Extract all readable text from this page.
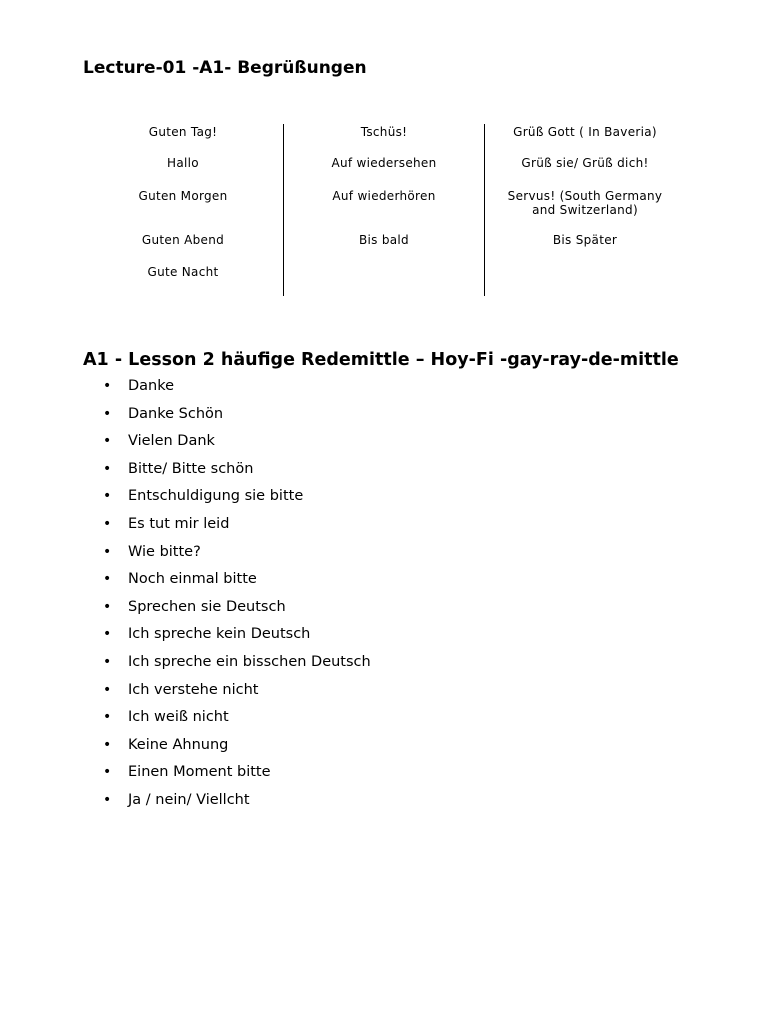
Lecture-01 -A1- Begrüßungen
Guten Tag!
Hallo
Guten Morgen
Guten Abend
Gute Nacht
Tschüs!
Auf wiedersehen
Auf wiederhören
Bis bald
Grüß Gott ( In Baveria)
Grüß sie/ Grüß dich!
Servus! (South Germany
and Switzerland)
Bis Später
A1 - Lesson 2 häufige Redemittle – Hoy-Fi -gay-ray-de-mittle
• Danke
• Danke Schön
• Vielen Dank
• Bitte/ Bitte schön
• Entschuldigung sie bitte
• Es tut mir leid
• Wie bitte?
• Noch einmal bitte
• Sprechen sie Deutsch
• Ich spreche kein Deutsch
• Ich spreche ein bisschen Deutsch
• Ich verstehe nicht
• Ich weiß nicht
• Keine Ahnung
• Einen Moment bitte
• Ja / nein/ Viellcht
